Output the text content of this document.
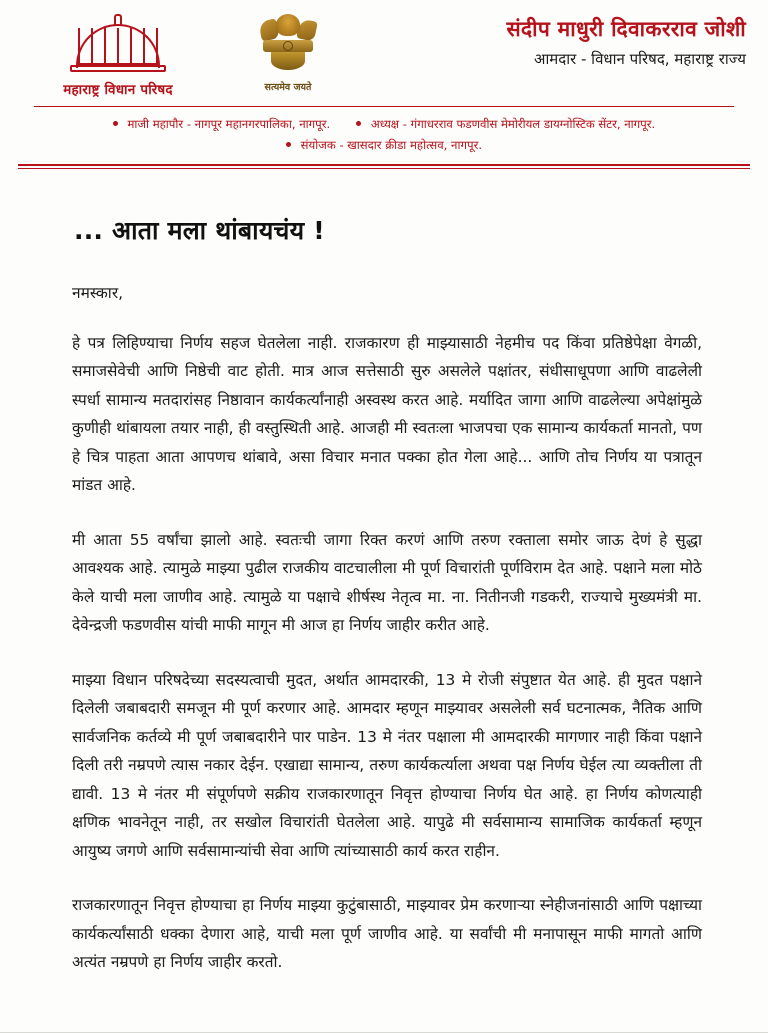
महाराष्ट्र विधान परिषद	सत्यमेव जयते
संदीप माधुरी दिवाकरराव जोशी
आमदार - विधान परिषद, महाराष्ट्र राज्य
माजी महापौर - नागपूर महानगरपालिका, नागपूर.	अध्यक्ष - गंगाधरराव फडणवीस मेमोरीयल डायग्नोस्टिक सेंटर, नागपूर.
संयोजक - खासदार क्रीडा महोत्सव, नागपूर.
... आता मला थांबायचंय !
नमस्कार,

हे पत्र लिहिण्याचा निर्णय सहज घेतलेला नाही. राजकारण ही माझ्यासाठी नेहमीच पद किंवा प्रतिष्ठेपेक्षा वेगळी, समाजसेवेची आणि निष्ठेची वाट होती. मात्र आज सत्तेसाठी सुरु असलेले पक्षांतर, संधीसाधूपणा आणि वाढलेली स्पर्धा सामान्य मतदारांसह निष्ठावान कार्यकर्त्यांनाही अस्वस्थ करत आहे. मर्यादित जागा आणि वाढलेल्या अपेक्षांमुळे कुणीही थांबायला तयार नाही, ही वस्तुस्थिती आहे. आजही मी स्वतःला भाजपचा एक सामान्य कार्यकर्ता मानतो, पण हे चित्र पाहता आता आपणच थांबावे, असा विचार मनात पक्का होत गेला आहे... आणि तोच निर्णय या पत्रातून मांडत आहे.

मी आता 55 वर्षांचा झालो आहे. स्वतःची जागा रिक्त करणं आणि तरुण रक्ताला समोर जाऊ देणं हे सुद्धा आवश्यक आहे. त्यामुळे माझ्या पुढील राजकीय वाटचालीला मी पूर्ण विचारांती पूर्णविराम देत आहे. पक्षाने मला मोठे केले याची मला जाणीव आहे. त्यामुळे या पक्षाचे शीर्षस्थ नेतृत्व मा. ना. नितीनजी गडकरी, राज्याचे मुख्यमंत्री मा. देवेन्द्रजी फडणवीस यांची माफी मागून मी आज हा निर्णय जाहीर करीत आहे.

माझ्या विधान परिषदेच्या सदस्यत्वाची मुदत, अर्थात आमदारकी, 13 मे रोजी संपुष्टात येत आहे. ही मुदत पक्षाने दिलेली जबाबदारी समजून मी पूर्ण करणार आहे. आमदार म्हणून माझ्यावर असलेली सर्व घटनात्मक, नैतिक आणि सार्वजनिक कर्तव्ये मी पूर्ण जबाबदारीने पार पाडेन. 13 मे नंतर पक्षाला मी आमदारकी मागणार नाही किंवा पक्षाने दिली तरी नम्रपणे त्यास नकार देईन. एखाद्या सामान्य, तरुण कार्यकर्त्याला अथवा पक्ष निर्णय घेईल त्या व्यक्तीला ती द्यावी. 13 मे नंतर मी संपूर्णपणे सक्रीय राजकारणातून निवृत्त होण्याचा निर्णय घेत आहे. हा निर्णय कोणत्याही क्षणिक भावनेतून नाही, तर सखोल विचारांती घेतलेला आहे. यापुढे मी सर्वसामान्य सामाजिक कार्यकर्ता म्हणून आयुष्य जगणे आणि सर्वसामान्यांची सेवा आणि त्यांच्यासाठी कार्य करत राहीन.

राजकारणातून निवृत्त होण्याचा हा निर्णय माझ्या कुटुंबासाठी, माझ्यावर प्रेम करणाऱ्या स्नेहीजनांसाठी आणि पक्षाच्या कार्यकर्त्यांसाठी धक्का देणारा आहे, याची मला पूर्ण जाणीव आहे. या सर्वांची मी मनापासून माफी मागतो आणि अत्यंत नम्रपणे हा निर्णय जाहीर करतो.
